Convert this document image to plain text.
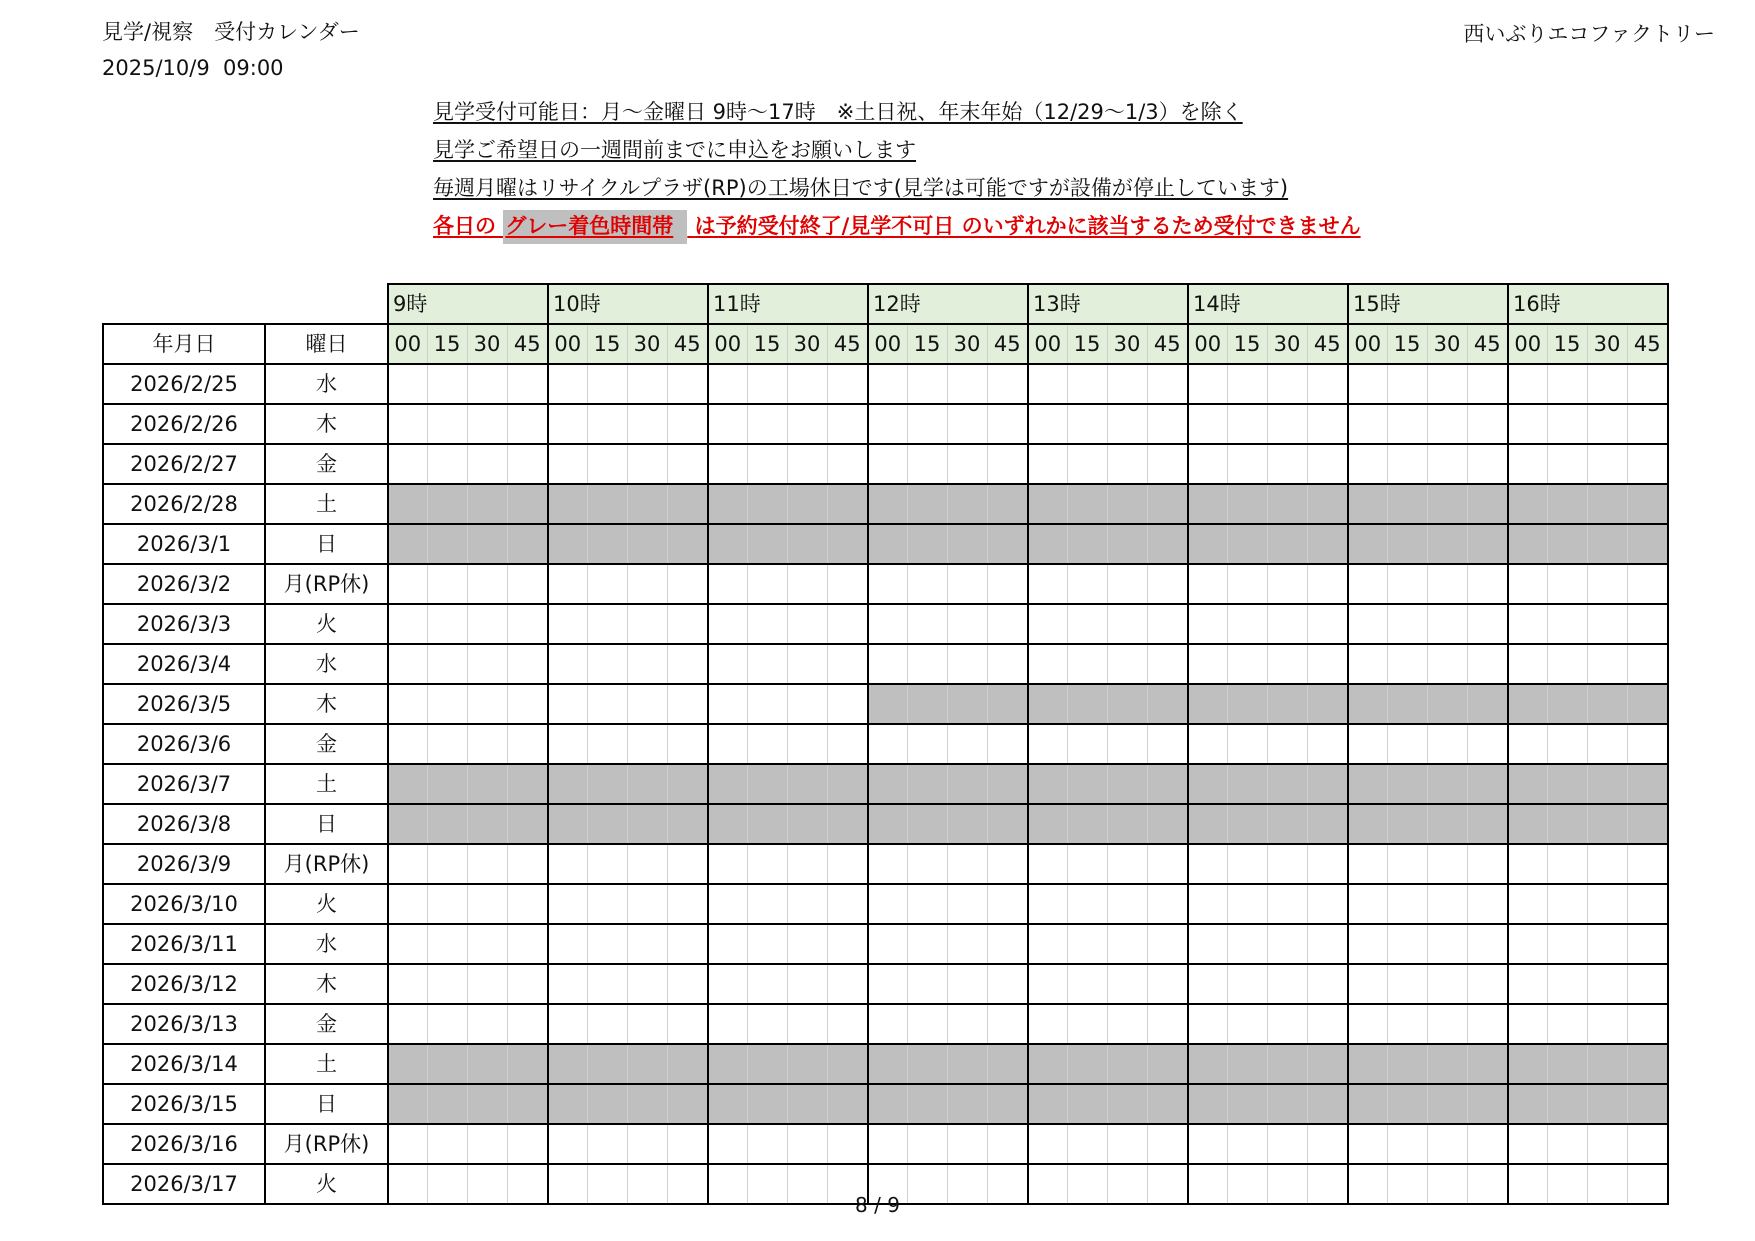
見学/視察　受付カレンダー
2025/10/9  09:00
西いぶりエコファクトリー
見学受付可能日：月～金曜日 9時～17時　※土日祝、年末年始（12/29～1/3）を除く
見学ご希望日の一週間前までに申込をお願いします
毎週月曜はリサイクルプラザ(RP)の工場休日です(見学は可能ですが設備が停止しています)
各日の グレー着色時間帯 は予約受付終了/見学不可日 のいずれかに該当するため受付できません
		9時				10時				11時				12時				13時				14時				15時				16時			
年月日	曜日	00	15	30	45	00	15	30	45	00	15	30	45	00	15	30	45	00	15	30	45	00	15	30	45	00	15	30	45	00	15	30	45
2026/2/25	水																																
2026/2/26	木																																
2026/2/27	金																																
2026/2/28	土																																
2026/3/1	日																																
2026/3/2	月(RP休)																																
2026/3/3	火																																
2026/3/4	水																																
2026/3/5	木																																
2026/3/6	金																																
2026/3/7	土																																
2026/3/8	日																																
2026/3/9	月(RP休)																																
2026/3/10	火																																
2026/3/11	水																																
2026/3/12	木																																
2026/3/13	金																																
2026/3/14	土																																
2026/3/15	日																																
2026/3/16	月(RP休)																																
2026/3/17	火																																
8 / 9
